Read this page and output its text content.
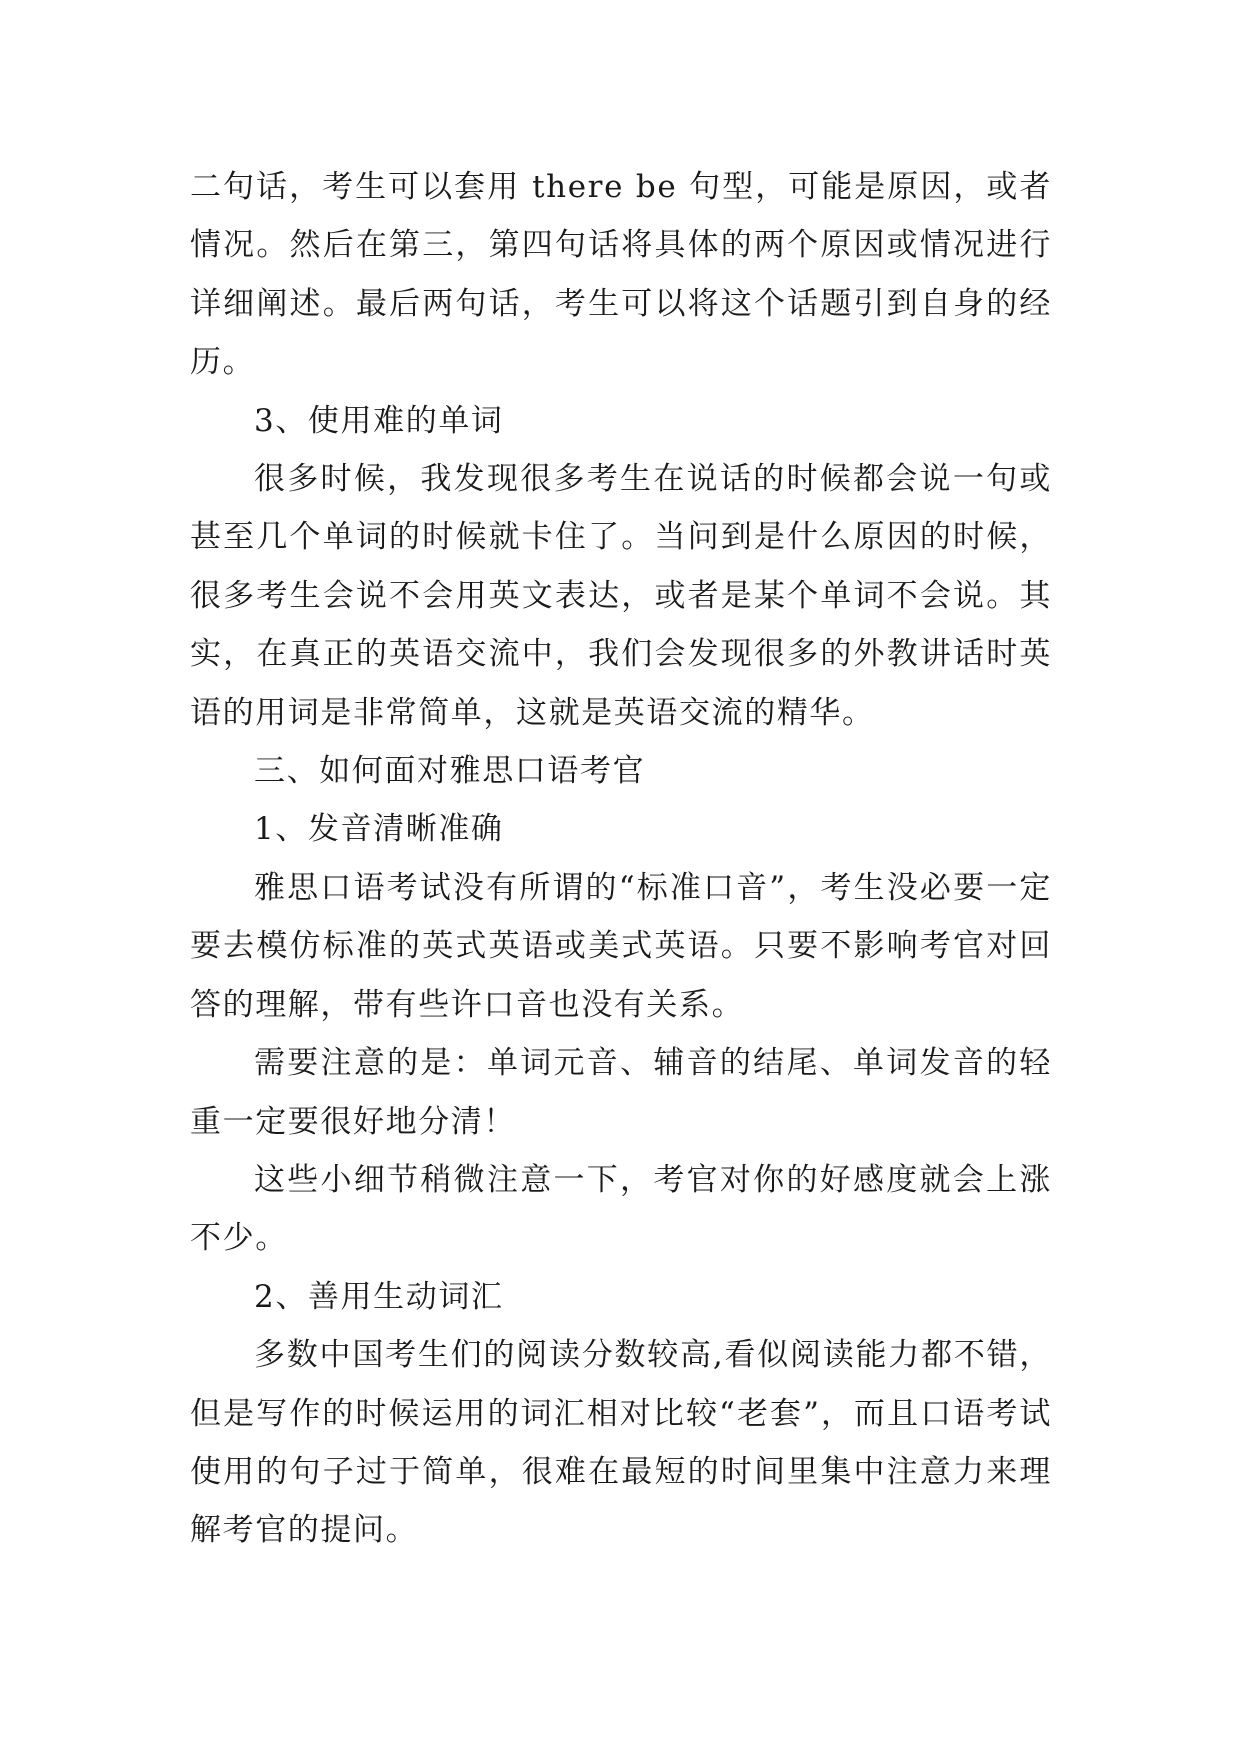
二句话，考生可以套用 there be 句型，可能是原因，或者情况。然后在第三，第四句话将具体的两个原因或情况进行详细阐述。最后两句话，考生可以将这个话题引到自身的经历。

3、使用难的单词

很多时候，我发现很多考生在说话的时候都会说一句或甚至几个单词的时候就卡住了。当问到是什么原因的时候，很多考生会说不会用英文表达，或者是某个单词不会说。其实，在真正的英语交流中，我们会发现很多的外教讲话时英语的用词是非常简单，这就是英语交流的精华。

三、如何面对雅思口语考官

1、发音清晰准确

雅思口语考试没有所谓的“标准口音”，考生没必要一定要去模仿标准的英式英语或美式英语。只要不影响考官对回答的理解，带有些许口音也没有关系。

需要注意的是：单词元音、辅音的结尾、单词发音的轻重一定要很好地分清！

这些小细节稍微注意一下，考官对你的好感度就会上涨不少。

2、善用生动词汇

多数中国考生们的阅读分数较高,看似阅读能力都不错，但是写作的时候运用的词汇相对比较“老套”，而且口语考试使用的句子过于简单，很难在最短的时间里集中注意力来理解考官的提问。
